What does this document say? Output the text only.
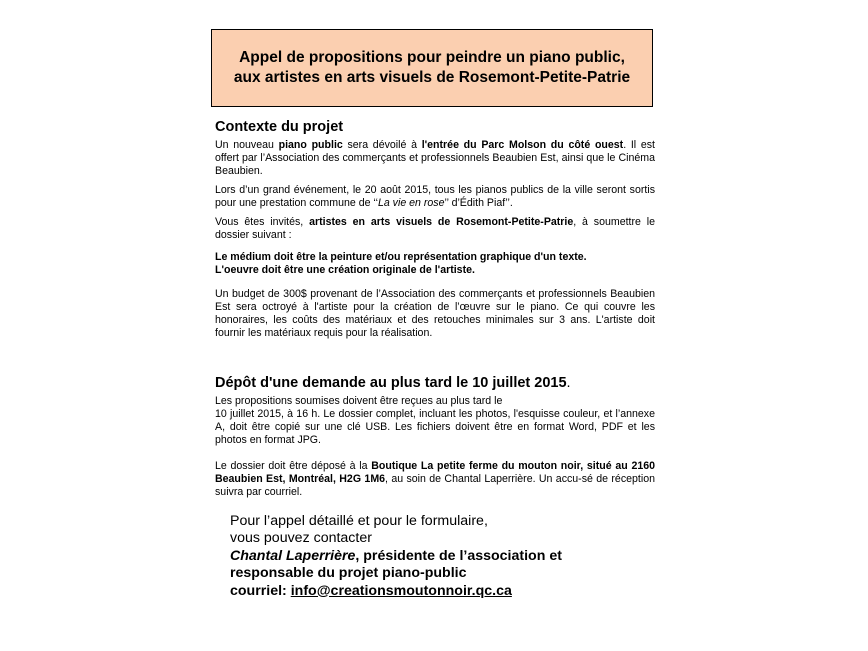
Appel de propositions pour peindre un piano public,
aux artistes en arts visuels de Rosemont-Petite-Patrie
Contexte du projet

Un nouveau piano public sera dévoilé à l'entrée du Parc Molson du côté ouest. Il est offert par l’Association des commerçants et professionnels Beaubien Est, ainsi que le Cinéma Beaubien.

Lors d’un grand événement, le 20 août 2015, tous les pianos publics de la ville seront sortis pour une prestation commune de ‘‘La vie en rose’’ d’Édith Piaf’’.

Vous êtes invités, artistes en arts visuels de Rosemont-Petite-Patrie, à soumettre le dossier suivant :

Le médium doit être la peinture et/ou représentation graphique d'un texte.
L'oeuvre doit être une création originale de l'artiste.

Un budget de 300$ provenant de l’Association des commerçants et professionnels Beaubien Est sera octroyé à l'artiste pour la création de l’œuvre sur le piano. Ce qui couvre les honoraires, les coûts des matériaux et des retouches minimales sur 3 ans. L'artiste doit fournir les matériaux requis pour la réalisation.

Dépôt d'une demande au plus tard le 10 juillet 2015.

Les propositions soumises doivent être reçues au plus tard le

10 juillet 2015, à 16 h. Le dossier complet, incluant les photos, l'esquisse couleur, et l’annexe A, doit être copié sur une clé USB. Les fichiers doivent être en format Word, PDF et les photos en format JPG.

Le dossier doit être déposé à la Boutique La petite ferme du mouton noir, situé au 2160 Beaubien Est, Montréal, H2G 1M6, au soin de Chantal Laperrière. Un accu-sé de réception suivra par courriel.

Pour l’appel détaillé et pour le formulaire,
vous pouvez contacter
Chantal Laperrière, présidente de l’association et
responsable du projet piano-public
courriel: info@creationsmoutonnoir.qc.ca
